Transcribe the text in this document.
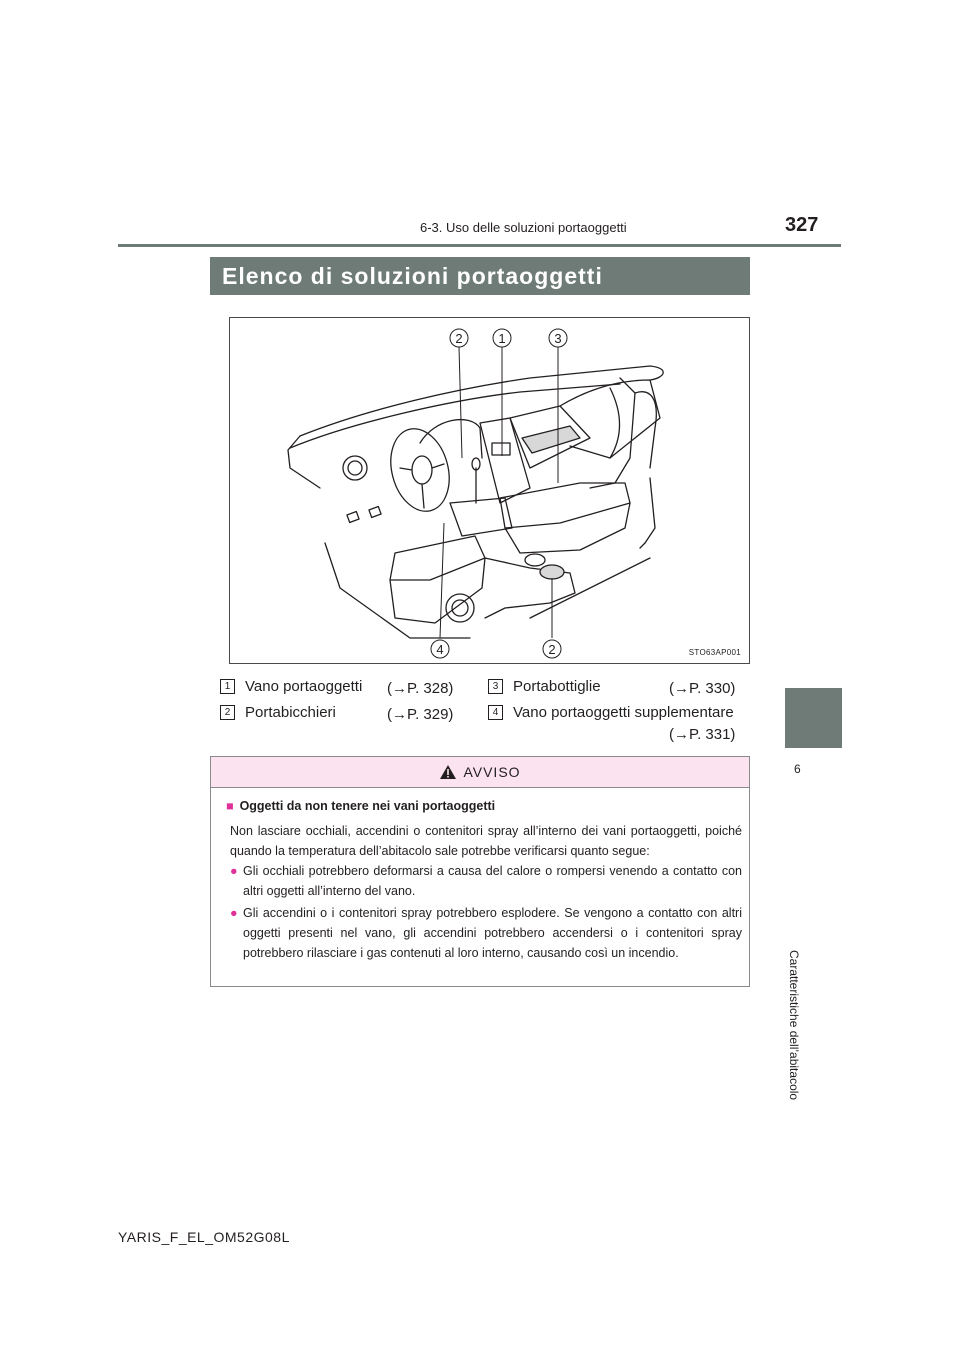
6-3. Uso delle soluzioni portaoggetti	327
6
Caratteristiche dell’abitacolo
Elenco di soluzioni portaoggetti
2	1	3
4	2	STO63AP001
1 Vano portaoggetti (→P. 328)
2 Portabicchieri	(→P. 329)
3 Portabottiglie	(→P. 330)
4 Vano portaoggetti supplementare
(→P. 331)
AVVISO
■ Oggetti da non tenere nei vani portaoggetti
Non lasciare occhiali, accendini o contenitori spray all’interno dei vani portaoggetti, poiché quando la temperatura dell’abitacolo sale potrebbe verificarsi quanto segue:
● Gli occhiali potrebbero deformarsi a causa del calore o rompersi venendo a contatto con altri oggetti all’interno del vano.
● Gli accendini o i contenitori spray potrebbero esplodere. Se vengono a contatto con altri oggetti presenti nel vano, gli accendini potrebbero accendersi o i contenitori spray potrebbero rilasciare i gas contenuti al loro interno, causando così un incendio.
YARIS_F_EL_OM52G08L
